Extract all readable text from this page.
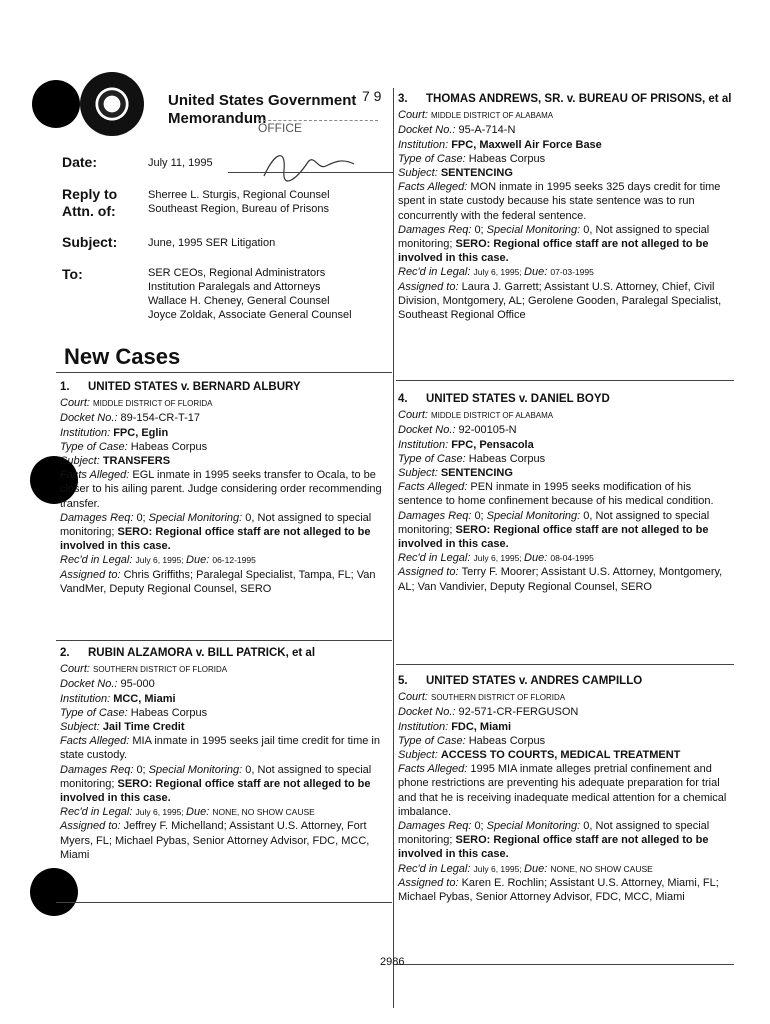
United States Government
Memorandum
7 9
OFFICE
Date:	July 11, 1995
Reply to Attn. of:
Sherree L. Sturgis, Regional Counsel
Southeast Region, Bureau of Prisons
Subject:	June, 1995 SER Litigation
To:	SER CEOs, Regional Administrators
Institution Paralegals and Attorneys
Wallace H. Cheney, General Counsel
Joyce Zoldak, Associate General Counsel
New Cases
1. UNITED STATES v. BERNARD ALBURY

Court: MIDDLE DISTRICT OF FLORIDA

Docket No.: 89-154-CR-T-17

Institution: FPC, Eglin

Type of Case: Habeas Corpus

Subject: TRANSFERS

Facts Alleged: EGL inmate in 1995 seeks transfer to Ocala, to be closer to his ailing parent. Judge considering order recommending transfer.

Damages Req: 0; Special Monitoring: 0, Not assigned to special monitoring; SERO: Regional office staff are not alleged to be involved in this case.

Rec'd in Legal: July 6, 1995; Due: 06-12-1995

Assigned to: Chris Griffiths; Paralegal Specialist, Tampa, FL; Van VandMer, Deputy Regional Counsel, SERO

2. RUBIN ALZAMORA v. BILL PATRICK, et al

Court: SOUTHERN DISTRICT OF FLORIDA

Docket No.: 95-000

Institution: MCC, Miami

Type of Case: Habeas Corpus

Subject: Jail Time Credit

Facts Alleged: MIA inmate in 1995 seeks jail time credit for time in state custody.

Damages Req: 0; Special Monitoring: 0, Not assigned to special monitoring; SERO: Regional office staff are not alleged to be involved in this case.

Rec'd in Legal: July 6, 1995; Due: NONE, NO SHOW CAUSE

Assigned to: Jeffrey F. Michelland; Assistant U.S. Attorney, Fort Myers, FL; Michael Pybas, Senior Attorney Advisor, FDC, MCC, Miami

3. THOMAS ANDREWS, SR. v. BUREAU OF PRISONS, et al

Court: MIDDLE DISTRICT OF ALABAMA

Docket No.: 95-A-714-N

Institution: FPC, Maxwell Air Force Base

Type of Case: Habeas Corpus

Subject: SENTENCING

Facts Alleged: MON inmate in 1995 seeks 325 days credit for time spent in state custody because his state sentence was to run concurrently with the federal sentence.

Damages Req: 0; Special Monitoring: 0, Not assigned to special monitoring; SERO: Regional office staff are not alleged to be involved in this case.

Rec'd in Legal: July 6, 1995; Due: 07-03-1995

Assigned to: Laura J. Garrett; Assistant U.S. Attorney, Chief, Civil Division, Montgomery, AL; Gerolene Gooden, Paralegal Specialist, Southeast Regional Office

4. UNITED STATES v. DANIEL BOYD

Court: MIDDLE DISTRICT OF ALABAMA

Docket No.: 92-00105-N

Institution: FPC, Pensacola

Type of Case: Habeas Corpus

Subject: SENTENCING

Facts Alleged: PEN inmate in 1995 seeks modification of his sentence to home confinement because of his medical condition.

Damages Req: 0; Special Monitoring: 0, Not assigned to special monitoring; SERO: Regional office staff are not alleged to be involved in this case.

Rec'd in Legal: July 6, 1995; Due: 08-04-1995

Assigned to: Terry F. Moorer; Assistant U.S. Attorney, Montgomery, AL; Van Vandivier, Deputy Regional Counsel, SERO

5. UNITED STATES v. ANDRES CAMPILLO

Court: SOUTHERN DISTRICT OF FLORIDA

Docket No.: 92-571-CR-FERGUSON

Institution: FDC, Miami

Type of Case: Habeas Corpus

Subject: ACCESS TO COURTS, MEDICAL TREATMENT

Facts Alleged: 1995 MIA inmate alleges pretrial confinement and phone restrictions are preventing his adequate preparation for trial and that he is receiving inadequate medical attention for a chemical imbalance.

Damages Req: 0; Special Monitoring: 0, Not assigned to special monitoring; SERO: Regional office staff are not alleged to be involved in this case.

Rec'd in Legal: July 6, 1995; Due: NONE, NO SHOW CAUSE

Assigned to: Karen E. Rochlin; Assistant U.S. Attorney, Miami, FL; Michael Pybas, Senior Attorney Advisor, FDC, MCC, Miami

2986
